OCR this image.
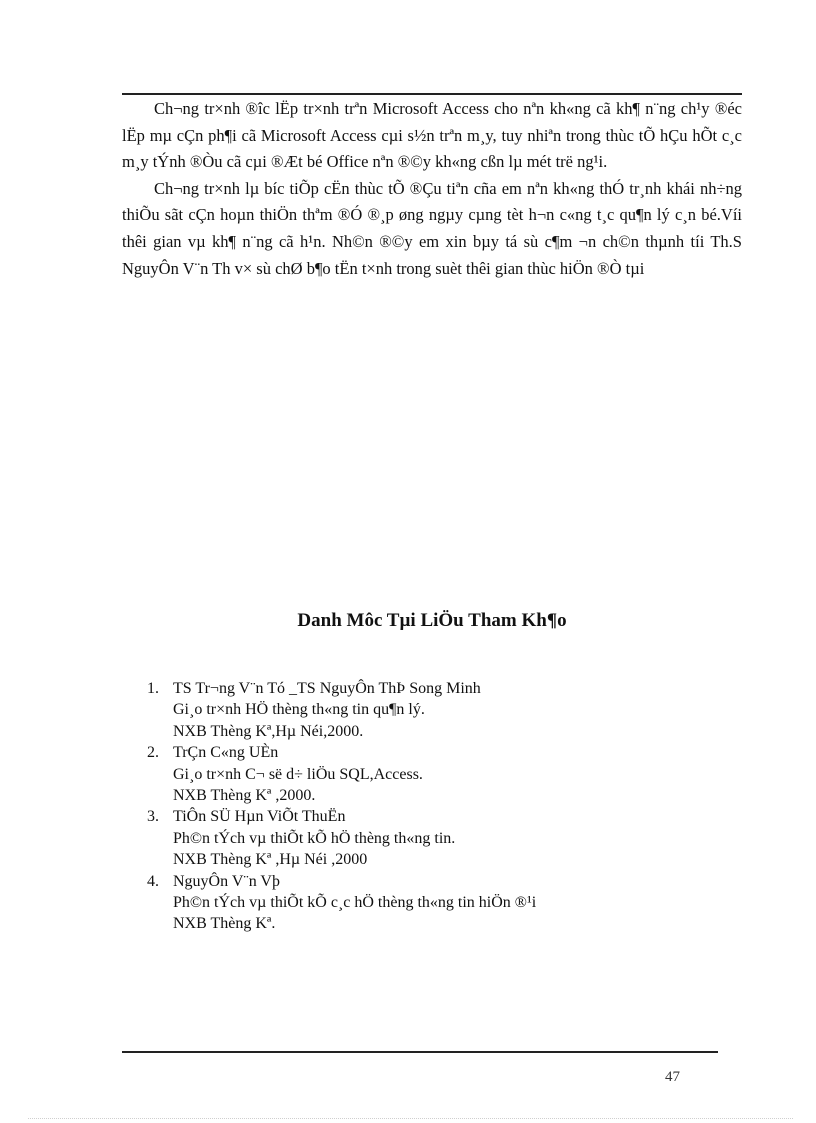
Ch¬ng tr×nh ®îc lËp tr×nh trªn Microsoft Access cho nªn kh«ng cã kh¶ n¨ng ch¹y ®éc lËp mµ cÇn ph¶i cã Microsoft Access cµi s½n trªn m¸y, tuy nhiªn trong thùc tÕ hÇu hÕt c¸c m¸y tÝnh ®Òu cã cµi ®Æt bé Office nªn ®©y kh«ng cßn lµ mét trë ng¹i.

Ch¬ng tr×nh lµ bíc tiÕp cËn thùc tÕ ®Çu tiªn cña em nªn kh«ng thÓ tr¸nh khái nh÷ng thiÕu sãt cÇn hoµn thiÖn thªm ®Ó ®¸p øng ngµy cµng tèt h¬n c«ng t¸c qu¶n lý c¸n bé.Víi thêi gian vµ kh¶ n¨ng cã h¹n. Nh©n ®©y em xin bµy tá sù c¶m ¬n ch©n thµnh tíi Th.S NguyÔn V¨n Th v× sù chØ b¶o tËn t×nh trong suèt thêi gian thùc hiÖn ®Ò tµi

Danh Môc Tµi LiÖu Tham Kh¶o
1. TS Tr¬ng V¨n Tó _TS NguyÔn ThÞ Song Minh
Gi¸o tr×nh HÖ thèng th«ng tin qu¶n lý.
NXB Thèng Kª,Hµ Néi,2000.
2. TrÇn C«ng UÈn
Gi¸o tr×nh C¬ së d÷ liÖu SQL,Access.
NXB Thèng Kª ,2000.
3. TiÔn SÜ Hµn ViÕt ThuËn
Ph©n tÝch vµ thiÕt kÕ hÖ thèng th«ng tin.
NXB Thèng Kª ,Hµ Néi ,2000
4. NguyÔn V¨n Vþ
Ph©n tÝch vµ thiÕt kÕ c¸c hÖ thèng th«ng tin hiÖn ®¹i
NXB Thèng Kª.
47
